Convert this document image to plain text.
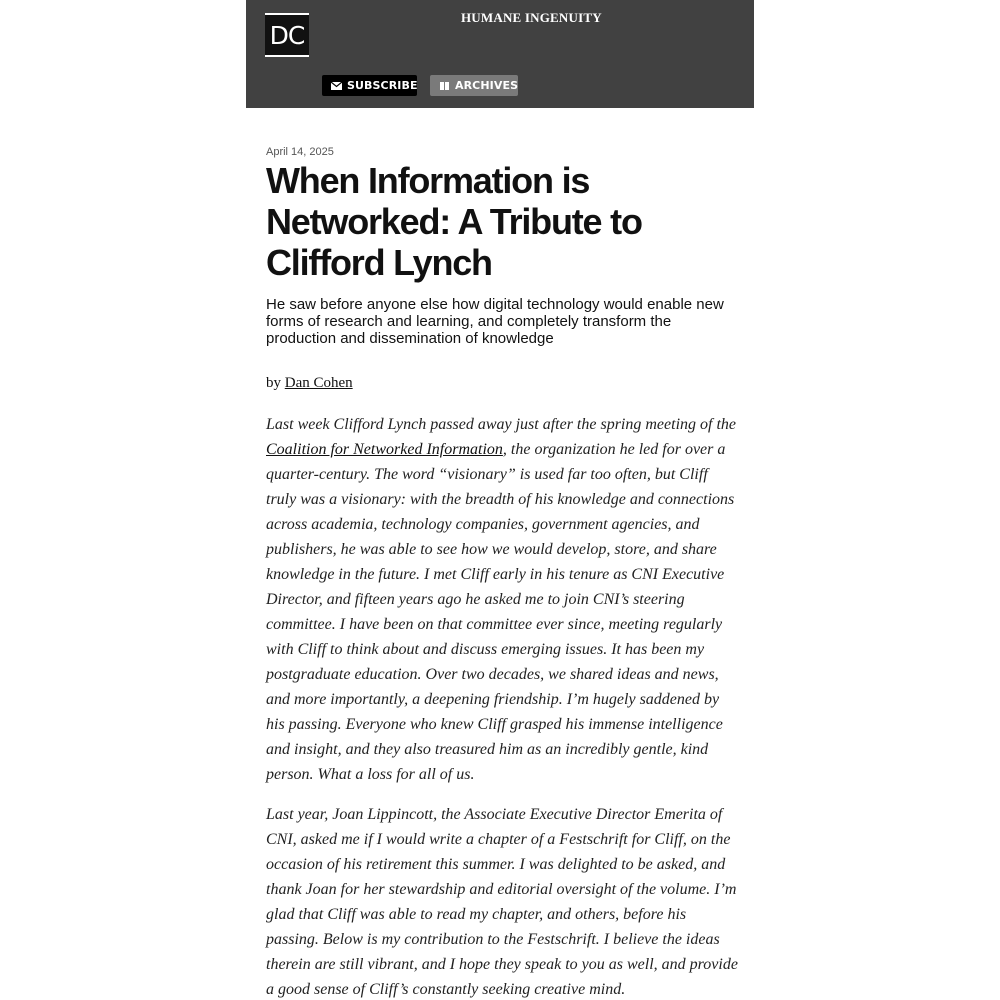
DC
HUMANE INGENUITY
SUBSCRIBE	ARCHIVES
April 14, 2025
When Information is Networked: A Tribute to Clifford Lynch

He saw before anyone else how digital technology would enable new forms of research and learning, and completely transform the production and dissemination of knowledge

by Dan Cohen

Last week Clifford Lynch passed away just after the spring meeting of the Coalition for Networked Information, the organization he led for over a quarter-century. The word “visionary” is used far too often, but Cliff truly was a visionary: with the breadth of his knowledge and connections across academia, technology companies, government agencies, and publishers, he was able to see how we would develop, store, and share knowledge in the future. I met Cliff early in his tenure as CNI Executive Director, and fifteen years ago he asked me to join CNI’s steering committee. I have been on that committee ever since, meeting regularly with Cliff to think about and discuss emerging issues. It has been my postgraduate education. Over two decades, we shared ideas and news, and more importantly, a deepening friendship. I’m hugely saddened by his passing. Everyone who knew Cliff grasped his immense intelligence and insight, and they also treasured him as an incredibly gentle, kind person. What a loss for all of us.

Last year, Joan Lippincott, the Associate Executive Director Emerita of CNI, asked me if I would write a chapter of a Festschrift for Cliff, on the occasion of his retirement this summer. I was delighted to be asked, and thank Joan for her stewardship and editorial oversight of the volume. I’m glad that Cliff was able to read my chapter, and others, before his passing. Below is my contribution to the Festschrift. I believe the ideas therein are still vibrant, and I hope they speak to you as well, and provide a good sense of Cliff’s constantly seeking creative mind.
